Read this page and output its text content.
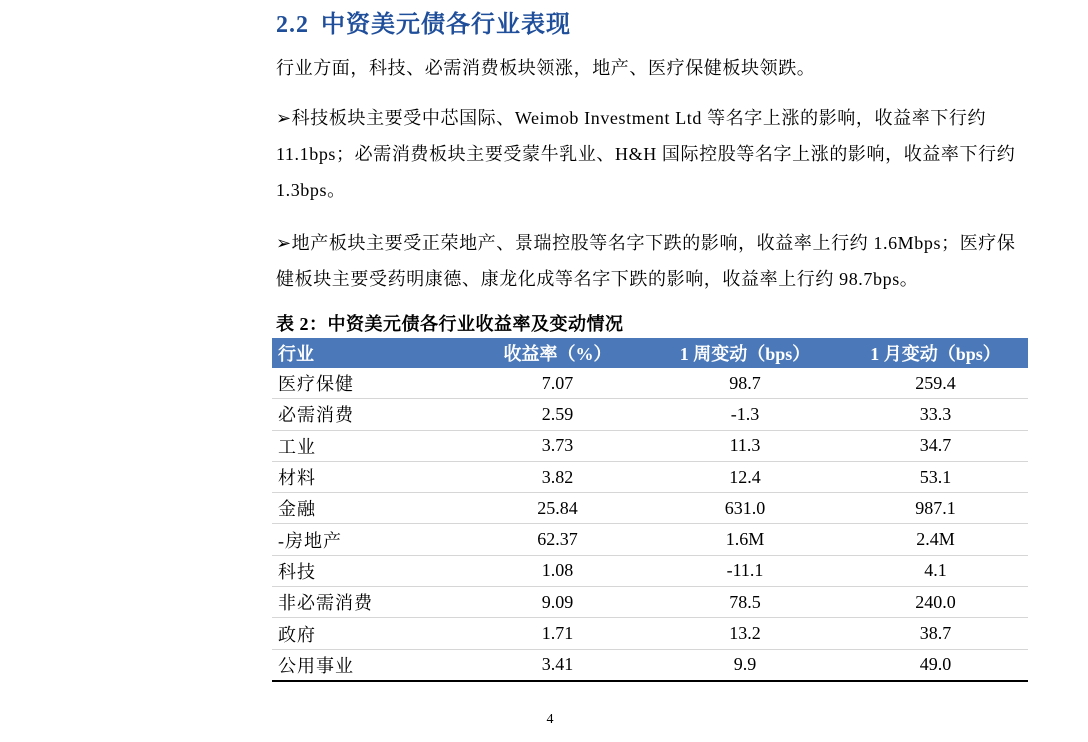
2.2 中资美元债各行业表现
行业方面，科技、必需消费板块领涨，地产、医疗保健板块领跌。
➢科技板块主要受中芯国际、Weimob Investment Ltd 等名字上涨的影响，收益率下行约 11.1bps；必需消费板块主要受蒙牛乳业、H&H 国际控股等名字上涨的影响，收益率下行约 1.3bps。
➢地产板块主要受正荣地产、景瑞控股等名字下跌的影响，收益率上行约 1.6Mbps；医疗保健板块主要受药明康德、康龙化成等名字下跌的影响，收益率上行约 98.7bps。
表 2：中资美元债各行业收益率及变动情况
行业	收益率（%）	1 周变动（bps）	1 月变动（bps）
医疗保健	7.07	98.7	259.4
必需消费	2.59	-1.3	33.3
工业	3.73	11.3	34.7
材料	3.82	12.4	53.1
金融	25.84	631.0	987.1
-房地产	62.37	1.6M	2.4M
科技	1.08	-11.1	4.1
非必需消费	9.09	78.5	240.0
政府	1.71	13.2	38.7
公用事业	3.41	9.9	49.0
4
